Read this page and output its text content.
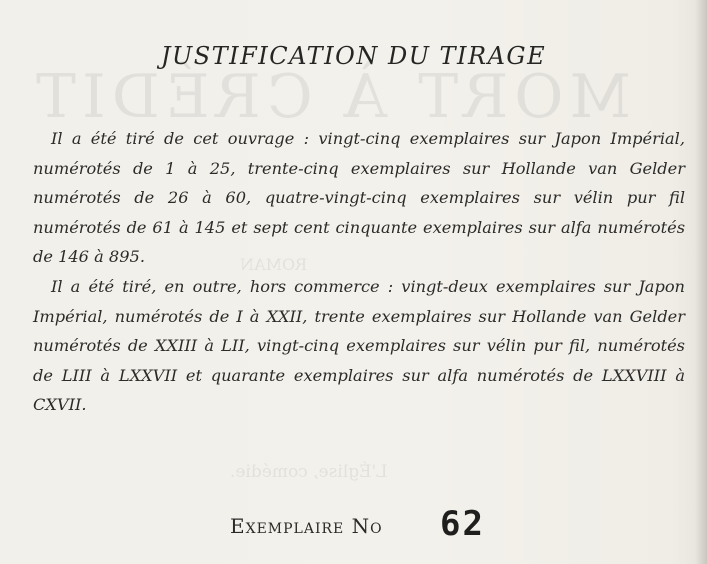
MORT À CRÉDIT
ROMAN
L'Église, comédie.
JUSTIFICATION DU TIRAGE

Il a été tiré de cet ouvrage : vingt-cinq exemplaires sur Japon Impérial, numérotés de 1 à 25, trente-cinq exemplaires sur Hollande van Gelder numérotés de 26 à 60, quatre-vingt-cinq exemplaires sur vélin pur fil numérotés de 61 à 145 et sept cent cinquante exemplaires sur alfa numérotés de 146 à 895.

Il a été tiré, en outre, hors commerce : vingt-deux exemplaires sur Japon Impérial, numérotés de I à XXII, trente exemplaires sur Hollande van Gelder numérotés de XXIII à LII, vingt-cinq exemplaires sur vélin pur fil, numérotés de LIII à LXXVII et quarante exemplaires sur alfa numérotés de LXXVIII à CXVII.

Exemplaire No 62
